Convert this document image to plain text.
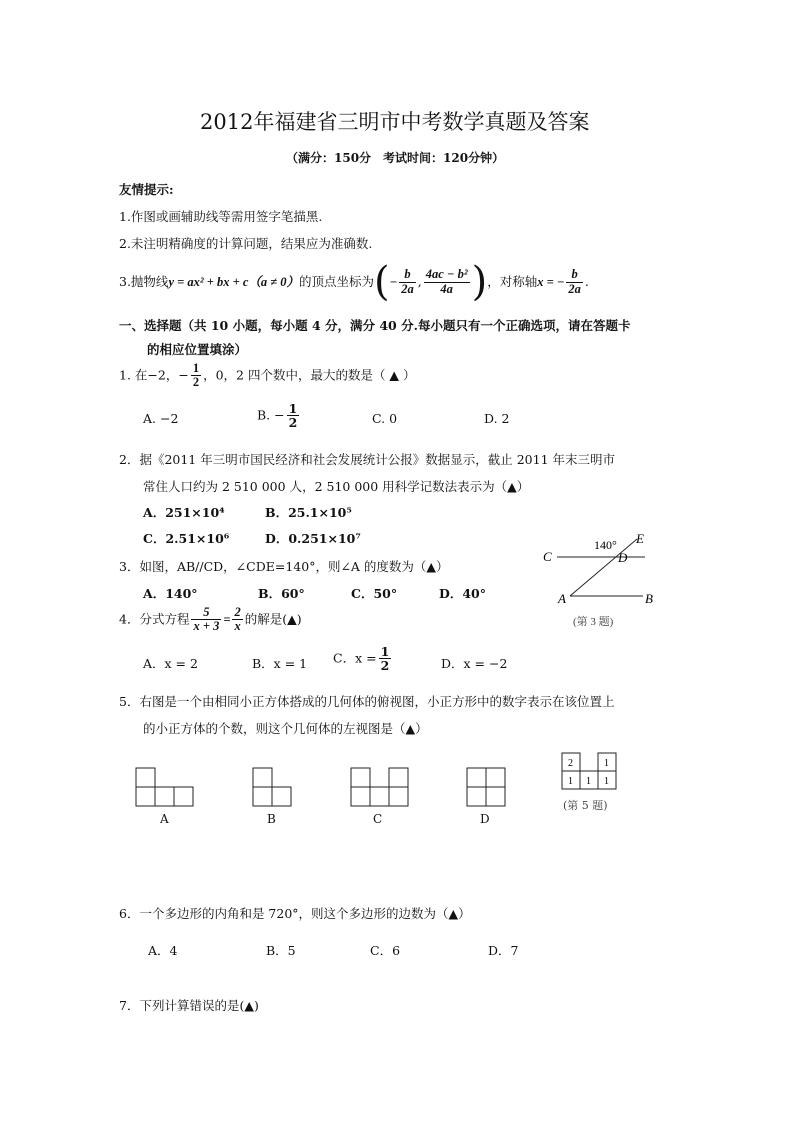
2012年福建省三明市中考数学真题及答案
（满分：150分　考试时间：120分钟）
友情提示:
1.作图或画辅助线等需用签字笔描黑.
2.未注明精确度的计算问题，结果应为准确数.
3.抛物线y = ax² + bx + c（a ≠ 0）的顶点坐标为(− $\frac{b}{2a}$ , $\frac{\text{4ac − b²}}{4a}$ )，对称轴x = − $\frac{b}{2a}$ .
一、选择题（共 10 小题，每小题 4 分，满分 40 分.每小题只有一个正确选项，请在答题卡
的相应位置填涂）
1. 在−2，− $\frac{1}{2}$ ，0，2 四个数中，最大的数是（ ▲ ）
A. −2	B. − $\frac{1}{2}$	C. 0	D. 2
2．据《2011 年三明市国民经济和社会发展统计公报》数据显示，截止 2011 年末三明市
常住人口约为 2 510 000 人，2 510 000 用科学记数法表示为（▲）
A．251×10⁴	B．25.1×10⁵
C．2.51×10⁶	D．0.251×10⁷
3．如图，AB//CD，∠CDE=140°，则∠A 的度数为（▲）
A．140°	B．60°	C．50°	D．40°
C	D
E
A	B
140°
(第 3 题)
4．分式方程 $\frac{5}{x + 3} = \frac{2}{x}$ 的解是(▲)
A．x = 2	B．x = 1 C．$x = \frac{1}{2}$	D．x = −2
5．右图是一个由相同小正方体搭成的几何体的俯视图，小正方形中的数字表示在该位置上
的小正方体的个数，则这个几何体的左视图是（▲）
A	B	C	D
2	1
1 1 1
(第 5 题)
6．一个多边形的内角和是 720°，则这个多边形的边数为（▲）
A．4	B．5	C．6	D．7
7．下列计算错误的是(▲)
